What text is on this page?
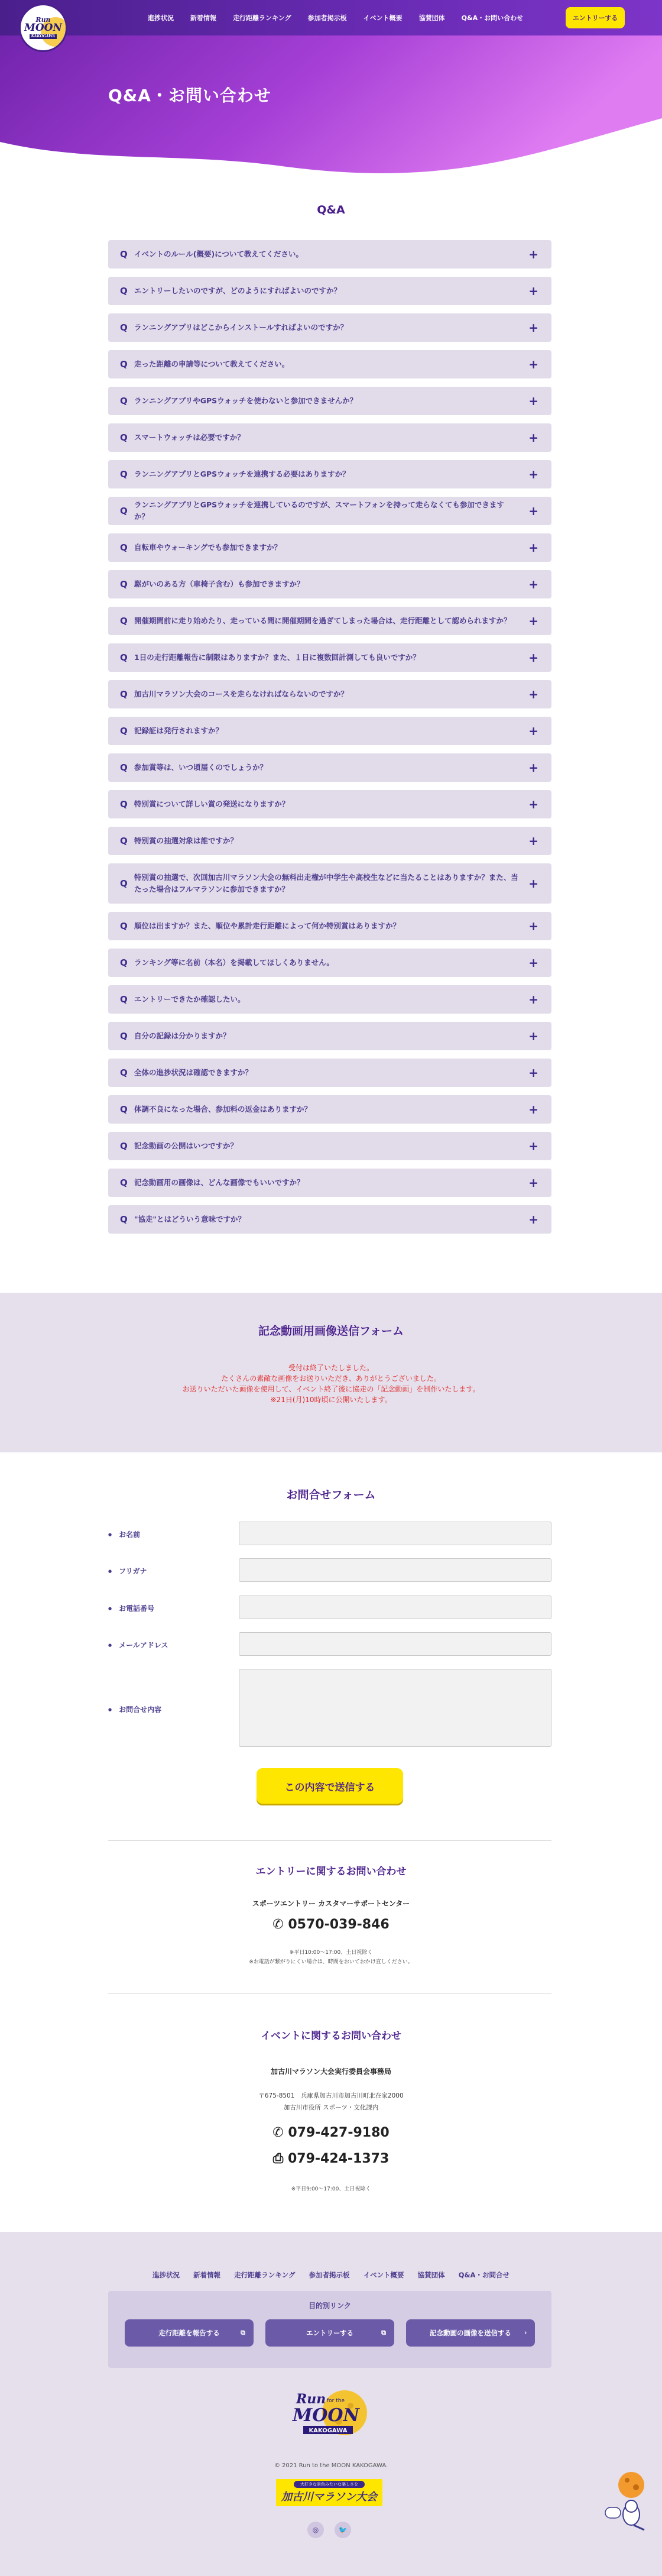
Q&A・お問い合わせ
Run
MOON
KAKOGAWA
進捗状況	新着情報	走行距離ランキング	参加者掲示板	イベント概要	協賛団体	Q&A・お問い合わせ	エントリーする
Q&A
Q イベントのルール(概要)について教えてください。	+
Q エントリーしたいのですが、どのようにすればよいのですか？	+
Q ランニングアプリはどこからインストールすればよいのですか？	+
Q 走った距離の申請等について教えてください。	+
Q ランニングアプリやGPSウォッチを使わないと参加できませんか？	+
Q スマートウォッチは必要ですか？	+
Q ランニングアプリとGPSウォッチを連携する必要はありますか？	+
Q
ランニングアプリとGPSウォッチを連携しているのですが、スマートフォンを持って走らなくても参加できますか？	+
Q 自転車やウォーキングでも参加できますか？	+
Q 駆がいのある方（車椅子含む）も参加できますか？	+
Q 開催期間前に走り始めたり、走っている間に開催期間を過ぎてしまった場合は、走行距離として認められますか？	+
Q 1日の走行距離報告に制限はありますか？また、１日に複数回計測しても良いですか？	+
Q 加古川マラソン大会のコースを走らなければならないのですか？	+
Q 記録証は発行されますか？	+
Q 参加賞等は、いつ頃届くのでしょうか？	+
Q 特別賞について詳しい賞の発送になりますか？	+
Q 特別賞の抽選対象は誰ですか？	+
Q
特別賞の抽選で、次回加古川マラソン大会の無料出走権が中学生や高校生などに当たることはありますか？また、当たった場合はフルマラソンに参加できますか？	+
Q 順位は出ますか？また、順位や累計走行距離によって何か特別賞はありますか？	+
Q ランキング等に名前（本名）を掲載してほしくありません。	+
Q エントリーできたか確認したい。	+
Q 自分の記録は分かりますか？	+
Q 全体の進捗状況は確認できますか？	+
Q 体調不良になった場合、参加料の返金はありますか？	+
Q 記念動画の公開はいつですか？	+
Q 記念動画用の画像は、どんな画像でもいいですか？	+
Q "協走"とはどういう意味ですか？	+
記念動画用画像送信フォーム
受付は終了いたしました。
たくさんの素敵な画像をお送りいただき、ありがとうございました。
お送りいただいた画像を使用して、イベント終了後に協走の「記念動画」を制作いたします。
※21日(月)10時頃に公開いたします。
お問合せフォーム
● お名前
● フリガナ
● お電話番号
● メールアドレス
● お問合せ内容
この内容で送信する
エントリーに関するお問い合わせ
スポーツエントリー カスタマーサポートセンター
✆ 0570-039-846
※平日10:00〜17:00、土日祝除く
※お電話が繋がりにくい場合は、時間をおいておかけ直しください。
イベントに関するお問い合わせ
加古川マラソン大会実行委員会事務局
〒675-8501　兵庫県加古川市加古川町北在家2000
加古川市役所 スポーツ・文化課内
✆ 079-427-9180
⎙ 079-424-1373
※平日9:00〜17:00、土日祝除く
進捗状況 新着情報 走行距離ランキング 参加者掲示板 イベント概要 協賛団体 Q&A・お問合せ
目的別リンク
走行距離を報告する	⧉	エントリーする	⧉	記念動画の画像を送信する ›
Run for the
MOON
KAKOGAWA
© 2021 Run to the MOON KAKOGAWA.
大好きな景色みたいな楽しさを
加古川マラソン大会
◎	🐦
